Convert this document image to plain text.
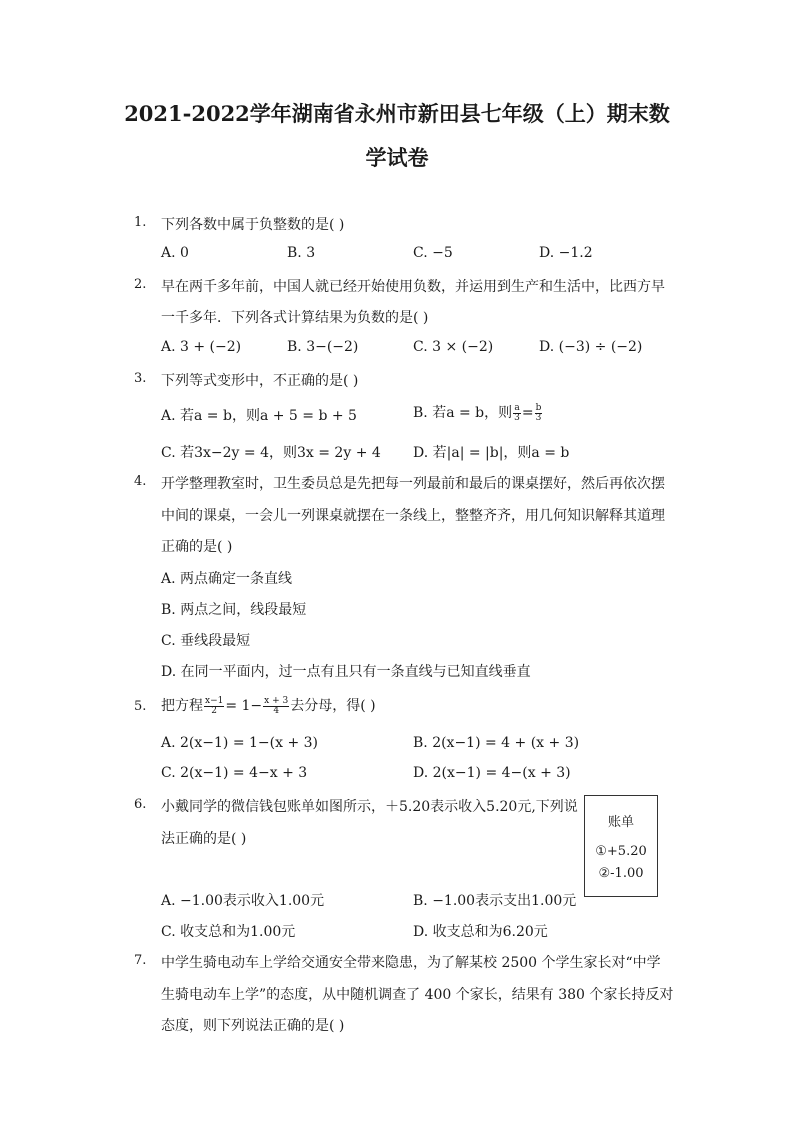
2021-2022学年湖南省永州市新田县七年级（上）期末数
学试卷
1. 下列各数中属于负整数的是( )
A. 0	B. 3	C. −5	D. −1.2
2. 早在两千多年前，中国人就已经开始使用负数，并运用到生产和生活中，比西方早
一千多年．下列各式计算结果为负数的是( )
A. 3 + (−2)	B. 3−(−2)	C. 3 × (−2)	D. (−3) ÷ (−2)
3. 下列等式变形中，不正确的是( )
A. 若a = b，则a + 5 = b + 5	B. 若a = b，则 $\frac{a}{3} = \frac{b}{3}$
C. 若3x−2y = 4，则3x = 2y + 4 D. 若|a| = |b|，则a = b
4. 开学整理教室时，卫生委员总是先把每一列最前和最后的课桌摆好，然后再依次摆
中间的课桌，一会儿一列课桌就摆在一条线上，整整齐齐，用几何知识解释其道理
正确的是( )
A. 两点确定一条直线
B. 两点之间，线段最短
C. 垂线段最短
D. 在同一平面内，过一点有且只有一条直线与已知直线垂直
5. 把方程 $\frac{x-1}{2} = 1- \frac{x + 3}{4}$ 去分母，得( )
A. 2(x−1) = 1−(x + 3)	B. 2(x−1) = 4 + (x + 3)
C. 2(x−1) = 4−x + 3	D. 2(x−1) = 4−(x + 3)
6. 小戴同学的微信钱包账单如图所示，＋5.20表示收入5.20元,下列说
法正确的是( )
账单
①+5.20
②-1.00
A. −1.00表示收入1.00元	B. −1.00表示支出1.00元
C. 收支总和为1.00元	D. 收支总和为6.20元
7. 中学生骑电动车上学给交通安全带来隐患，为了解某校 2500 个学生家长对“中学
生骑电动车上学”的态度，从中随机调查了 400 个家长，结果有 380 个家长持反对
态度，则下列说法正确的是( )
